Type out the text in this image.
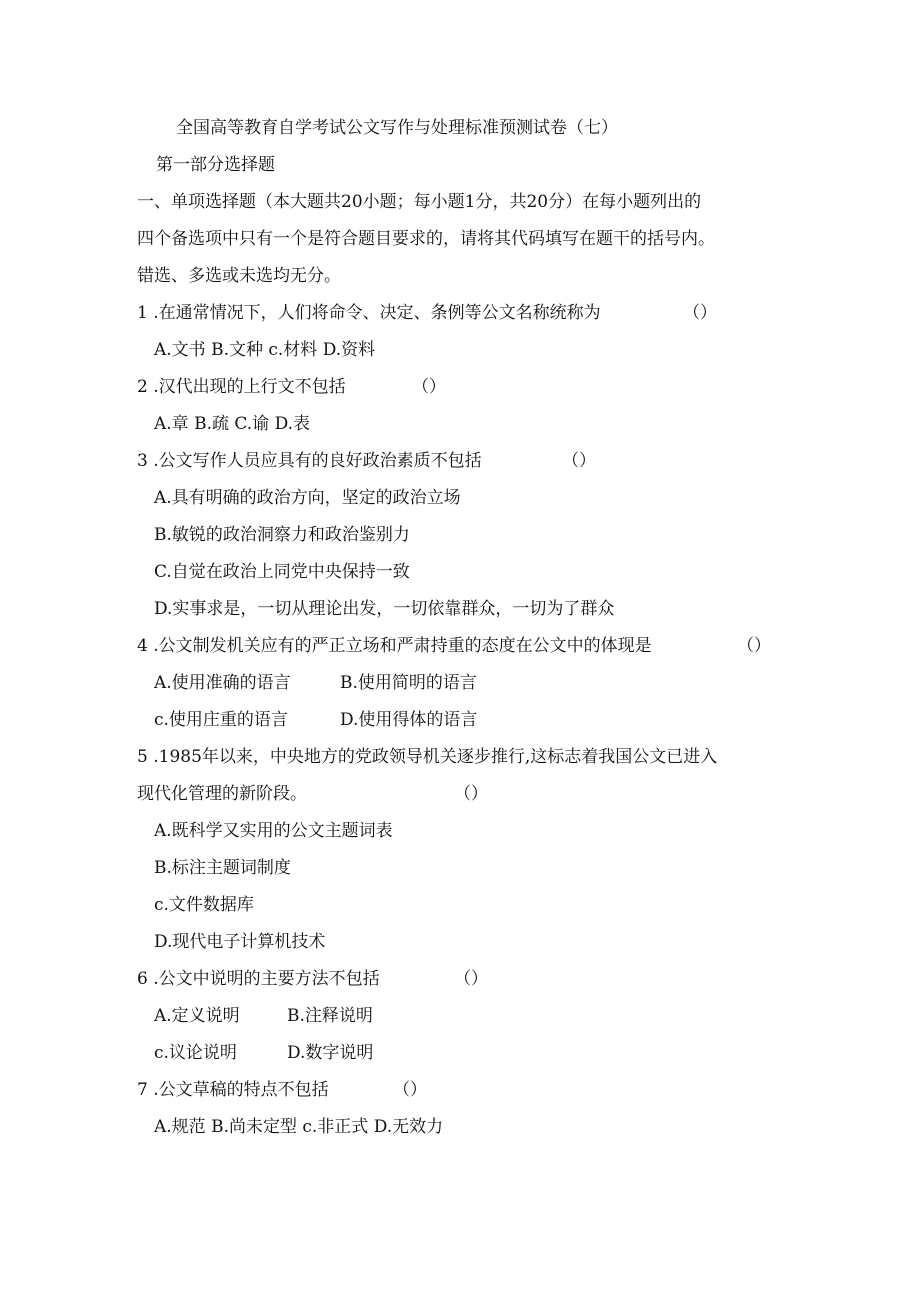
全国高等教育自学考试公文写作与处理标准预测试卷（七）
第一部分选择题
一、单项选择题（本大题共20小题；每小题1分，共20分）在每小题列出的
四个备选项中只有一个是符合题目要求的，请将其代码填写在题干的括号内。
错选、多选或未选均无分。
1 .在通常情况下，人们将命令、决定、条例等公文名称统称为	（）
A.文书 B.文种 c.材料 D.资料
2 .汉代出现的上行文不包括	（）
A.章 B.疏 C.谕 D.表
3 .公文写作人员应具有的良好政治素质不包括	（）
A.具有明确的政治方向，坚定的政治立场
B.敏锐的政治洞察力和政治鉴别力
C.自觉在政治上同党中央保持一致
D.实事求是，一切从理论出发，一切依靠群众，一切为了群众
4 .公文制发机关应有的严正立场和严肃持重的态度在公文中的体现是	（）
A.使用准确的语言	B.使用简明的语言
c.使用庄重的语言	D.使用得体的语言
5 .1985年以来，中央地方的党政领导机关逐步推行,这标志着我国公文已进入
现代化管理的新阶段。	（）
A.既科学又实用的公文主题词表
B.标注主题词制度
c.文件数据库
D.现代电子计算机技术
6 .公文中说明的主要方法不包括	（）
A.定义说明	B.注释说明
c.议论说明	D.数字说明
7 .公文草稿的特点不包括	（）
A.规范 B.尚未定型 c.非正式 D.无效力
